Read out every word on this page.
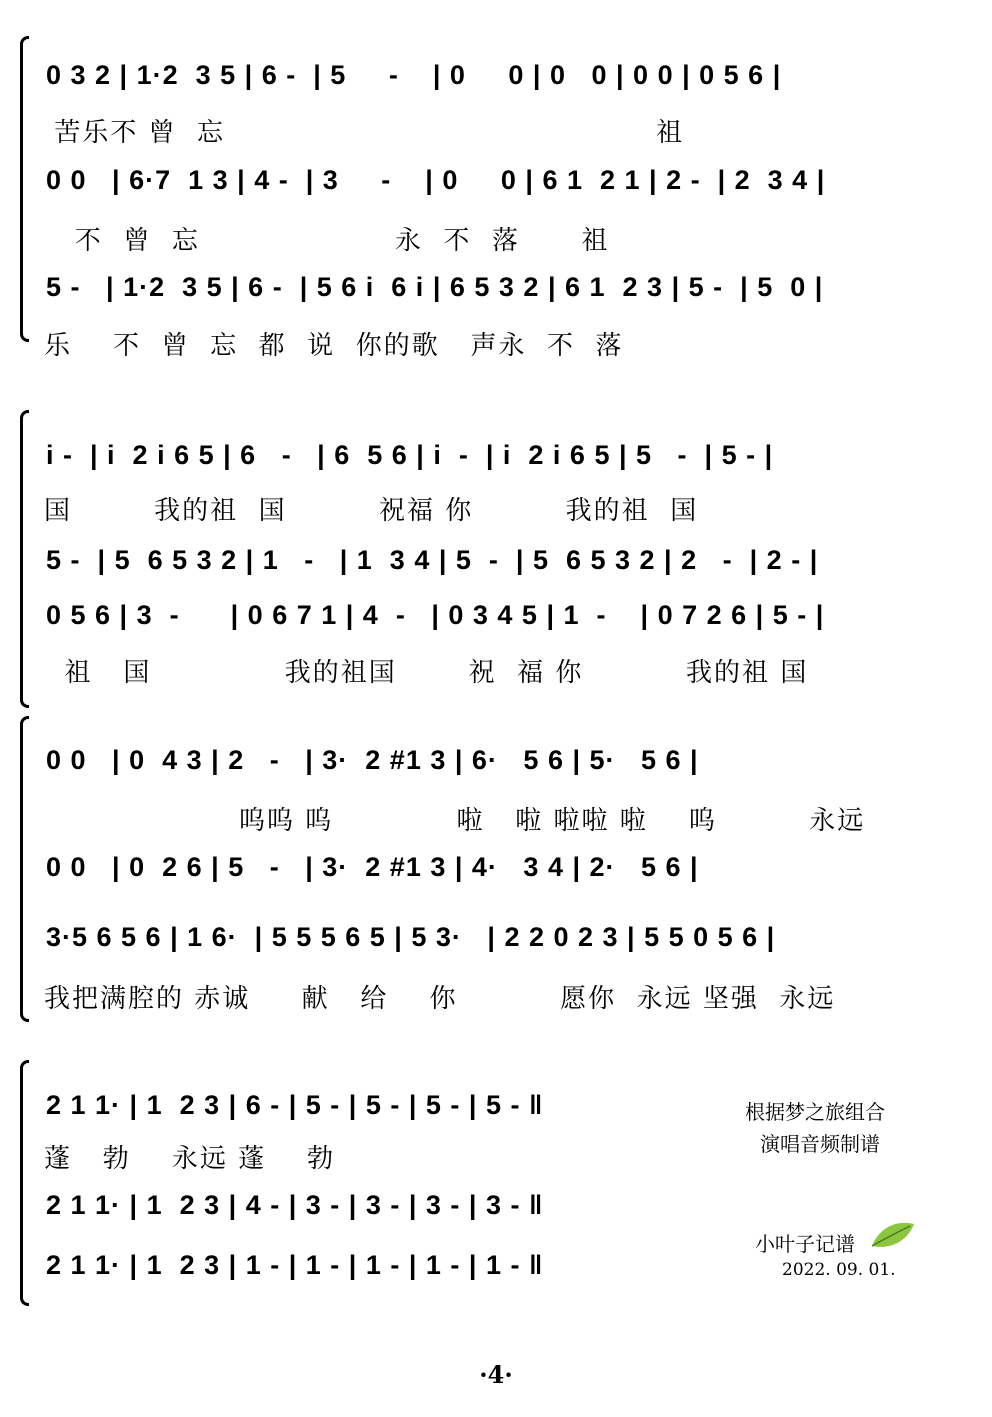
0 3 2 | 1·2  3 5 | 6 -  | 5     -    | 0     0 | 0   0 | 0 0 | 0 5 6 |
苦乐不 曾  忘                                          祖
0 0   | 6·7  1 3 | 4 -  | 3     -    | 0     0 | 6 1  2 1 | 2 -  | 2  3 4 |
不  曾  忘                   永  不  落      祖
5 -   | 1·2  3 5 | 6 -  | 5 6 i  6 i | 6 5 3 2 | 6 1  2 3 | 5 -  | 5  0 |
乐    不  曾  忘  都  说  你的歌   声永  不  落
i -  | i  2 i 6 5 | 6   -   | 6  5 6 | i  -  | i  2 i 6 5 | 5   -  | 5 - |
国        我的祖  国         祝福 你         我的祖  国
5 -  | 5  6 5 3 2 | 1   -   | 1  3 4 | 5  -  | 5  6 5 3 2 | 2   -  | 2 - |
0 5 6 | 3  -      | 0 6 7 1 | 4  -   | 0 3 4 5 | 1  -    | 0 7 2 6 | 5 - |
祖   国             我的祖国       祝  福 你          我的祖 国
0 0   | 0  4 3 | 2   -   | 3·  2 #1 3 | 6·   5 6 | 5·   5 6 |
呜呜 呜            啦   啦 啦啦 啦    呜         永远
0 0   | 0  2 6 | 5   -   | 3·  2 #1 3 | 4·   3 4 | 2·   5 6 |
3·5 6 5 6 | 1 6·  | 5 5 5 6 5 | 5 3·   | 2 2 0 2 3 | 5 5 0 5 6 |
我把满腔的 赤诚     献   给    你          愿你  永远 坚强  永远
2 1 1· | 1  2 3 | 6 - | 5 - | 5 - | 5 - | 5 - ‖
蓬   勃    永远 蓬    勃
2 1 1· | 1  2 3 | 4 - | 3 - | 3 - | 3 - | 3 - ‖
2 1 1· | 1  2 3 | 1 - | 1 - | 1 - | 1 - | 1 - ‖
根据梦之旅组合
演唱音频制谱
小叶子记谱
2022. 09. 01.
·4·
